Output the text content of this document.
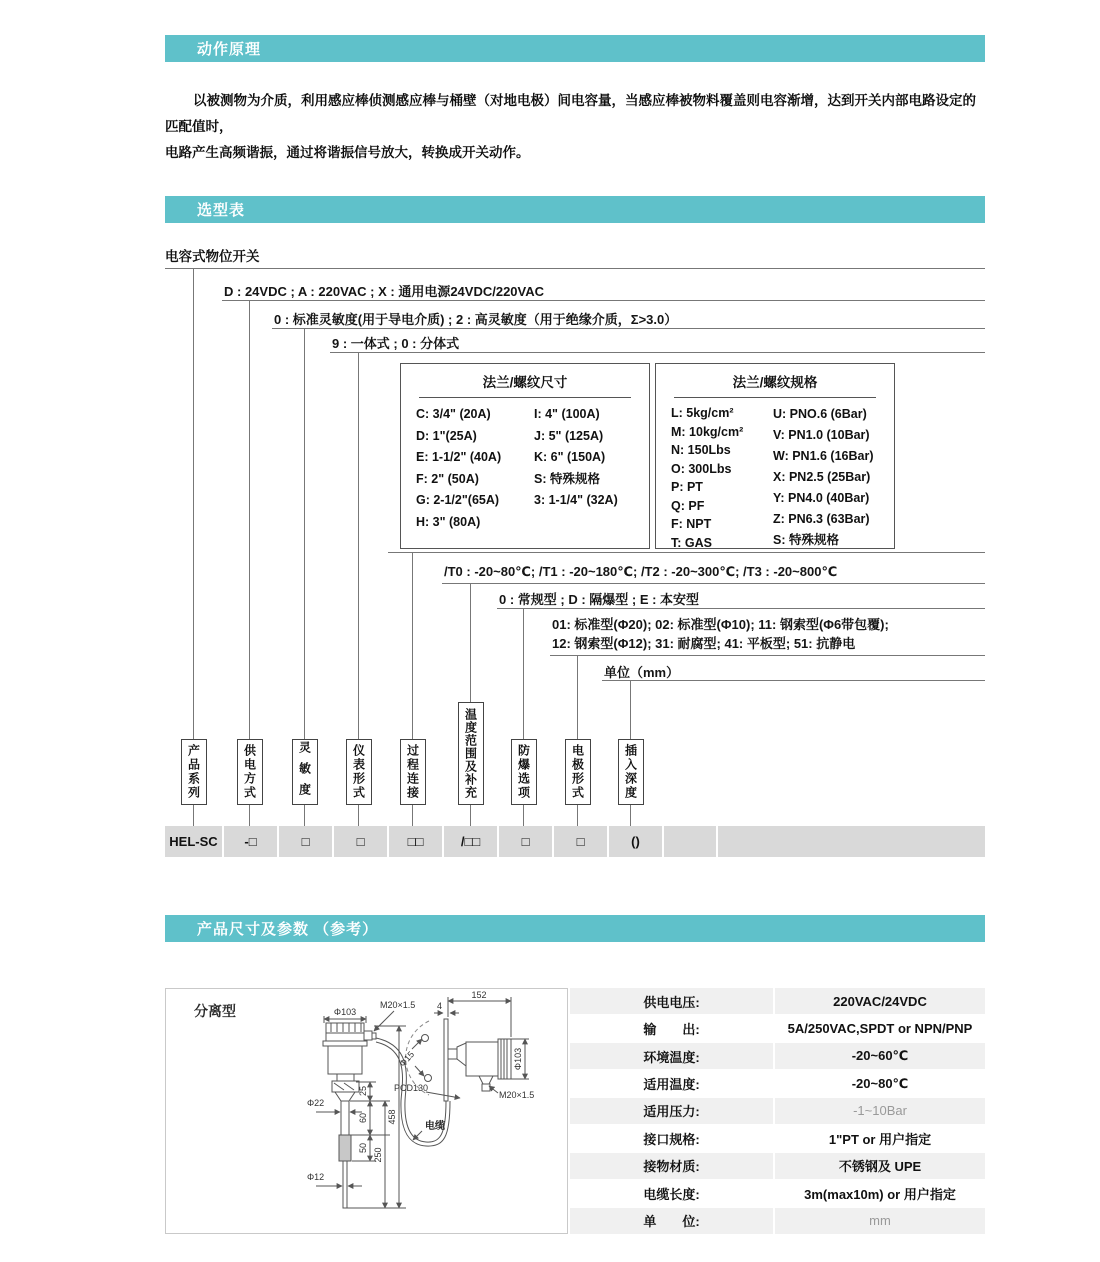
动作原理
以被测物为介质，利用感应棒侦测感应棒与桶壁（对地电极）间电容量，当感应棒被物料覆盖则电容渐增，达到开关内部电路设定的匹配值时，
电路产生高频谐振，通过将谐振信号放大，转换成开关动作。
选型表
电容式物位开关
D : 24VDC ; A : 220VAC ; X : 通用电源24VDC/220VAC
0 : 标准灵敏度(用于导电介质) ; 2 : 高灵敏度（用于绝缘介质，Σ>3.0）
9 : 一体式 ; 0 : 分体式
/T0 : -20~80℃; /T1 : -20~180℃; /T2 : -20~300℃; /T3 : -20~800℃
0 : 常规型 ; D : 隔爆型 ; E : 本安型
01: 标准型(Φ20); 02: 标准型(Φ10); 11: 钢索型(Φ6带包覆);
12: 钢索型(Φ12); 31: 耐腐型; 41: 平板型; 51: 抗静电
单位（mm）
法兰/螺纹尺寸
C: 3/4" (20A)
D: 1"(25A)
E: 1-1/2" (40A)
F: 2" (50A)
G: 2-1/2"(65A)
H: 3" (80A)
I: 4" (100A)
J: 5" (125A)
K: 6" (150A)
S: 特殊规格
3: 1-1/4" (32A)
法兰/螺纹规格
L: 5kg/cm²
M: 10kg/cm²
N: 150Lbs
O: 300Lbs
P: PT
Q: PF
F: NPT
T: GAS
U: PNO.6 (6Bar)
V: PN1.0 (10Bar)
W: PN1.6 (16Bar)
X: PN2.5 (25Bar)
Y: PN4.0 (40Bar)
Z: PN6.3 (63Bar)
S: 特殊规格
产品系列	供电方式	灵敏度	仪表形式	过程连接	温度范围及补充	防爆选项	电极形式	插入深度
HEL-SC	-□	□	□	□□	/□□	□	□	()
产品尺寸及参数 （参考）
分离型	Φ103
M20×1.5
152
4
Φ103
M20×1.5
Φ15
PCD130
电缆
458
250
25
60
50
Φ22
Φ12
供电电压:	220VAC/24VDC
输　　出:	5A/250VAC,SPDT or NPN/PNP
环境温度:	-20~60℃
适用温度:	-20~80℃
适用压力:	-1~10Bar
接口规格:	1"PT or 用户指定
接物材质:	不锈钢及 UPE
电缆长度:	3m(max10m) or 用户指定
单　　位:	mm
